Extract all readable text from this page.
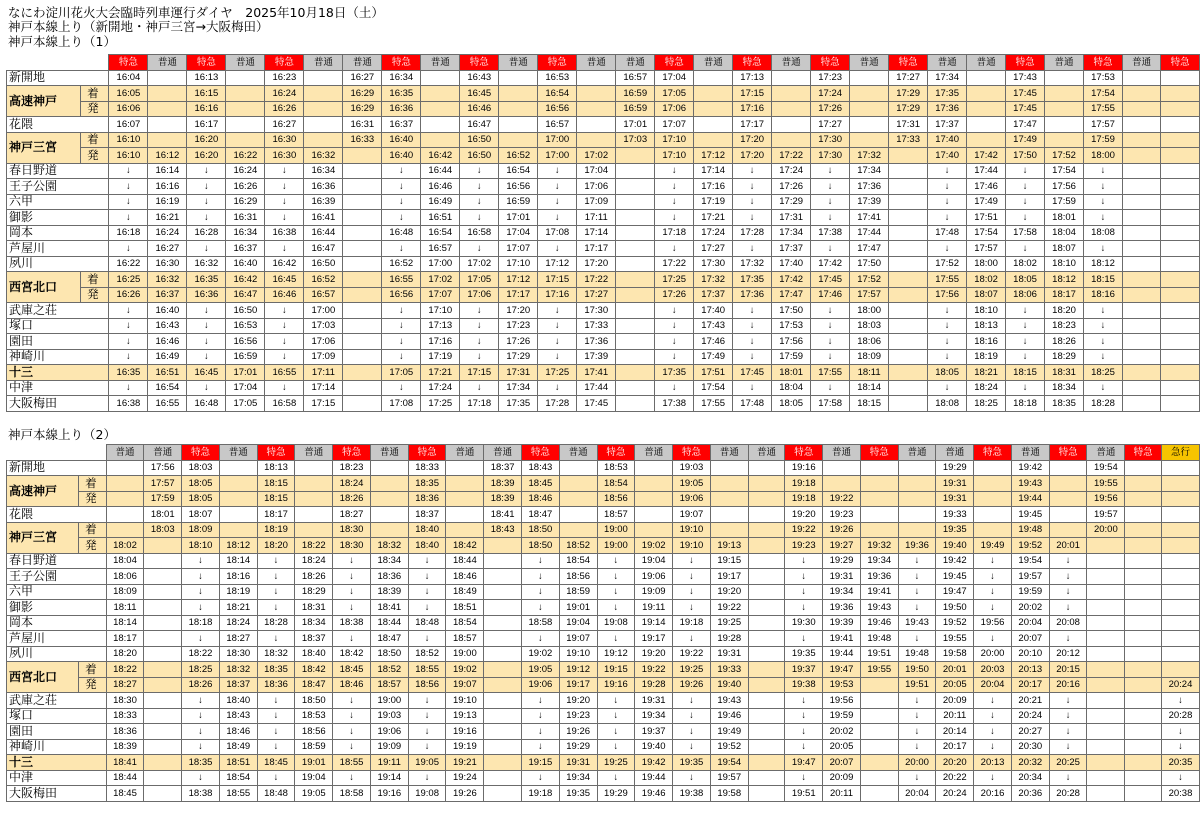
なにわ淀川花火大会臨時列車運行ダイヤ　2025年10月18日（土）
神戸本線上り（新開地・神戸三宮→大阪梅田）
神戸本線上り（1）
		特急	普通	特急	普通	特急	普通	普通	特急	普通	特急	普通	特急	普通	普通	特急	普通	特急	普通	特急	普通	特急	普通	普通	特急	普通	特急	普通	特急
新開地		16:04		16:13		16:23		16:27	16:34		16:43		16:53		16:57	17:04		17:13		17:23		17:27	17:34		17:43		17:53		
高速神戸	着	16:05		16:15		16:24		16:29	16:35		16:45		16:54		16:59	17:05		17:15		17:24		17:29	17:35		17:45		17:54		
	発	16:06		16:16		16:26		16:29	16:36		16:46		16:56		16:59	17:06		17:16		17:26		17:29	17:36		17:45		17:55		
花隈		16:07		16:17		16:27		16:31	16:37		16:47		16:57		17:01	17:07		17:17		17:27		17:31	17:37		17:47		17:57		
神戸三宮	着	16:10		16:20		16:30		16:33	16:40		16:50		17:00		17:03	17:10		17:20		17:30		17:33	17:40		17:49		17:59		
	発	16:10	16:12	16:20	16:22	16:30	16:32		16:40	16:42	16:50	16:52	17:00	17:02		17:10	17:12	17:20	17:22	17:30	17:32		17:40	17:42	17:50	17:52	18:00		
春日野道		↓	16:14	↓	16:24	↓	16:34		↓	16:44	↓	16:54	↓	17:04		↓	17:14	↓	17:24	↓	17:34		↓	17:44	↓	17:54	↓		
王子公園		↓	16:16	↓	16:26	↓	16:36		↓	16:46	↓	16:56	↓	17:06		↓	17:16	↓	17:26	↓	17:36		↓	17:46	↓	17:56	↓		
六甲		↓	16:19	↓	16:29	↓	16:39		↓	16:49	↓	16:59	↓	17:09		↓	17:19	↓	17:29	↓	17:39		↓	17:49	↓	17:59	↓		
御影		↓	16:21	↓	16:31	↓	16:41		↓	16:51	↓	17:01	↓	17:11		↓	17:21	↓	17:31	↓	17:41		↓	17:51	↓	18:01	↓		
岡本		16:18	16:24	16:28	16:34	16:38	16:44		16:48	16:54	16:58	17:04	17:08	17:14		17:18	17:24	17:28	17:34	17:38	17:44		17:48	17:54	17:58	18:04	18:08		
芦屋川		↓	16:27	↓	16:37	↓	16:47		↓	16:57	↓	17:07	↓	17:17		↓	17:27	↓	17:37	↓	17:47		↓	17:57	↓	18:07	↓		
夙川		16:22	16:30	16:32	16:40	16:42	16:50		16:52	17:00	17:02	17:10	17:12	17:20		17:22	17:30	17:32	17:40	17:42	17:50		17:52	18:00	18:02	18:10	18:12		
西宮北口	着	16:25	16:32	16:35	16:42	16:45	16:52		16:55	17:02	17:05	17:12	17:15	17:22		17:25	17:32	17:35	17:42	17:45	17:52		17:55	18:02	18:05	18:12	18:15		
	発	16:26	16:37	16:36	16:47	16:46	16:57		16:56	17:07	17:06	17:17	17:16	17:27		17:26	17:37	17:36	17:47	17:46	17:57		17:56	18:07	18:06	18:17	18:16		
武庫之荘		↓	16:40	↓	16:50	↓	17:00		↓	17:10	↓	17:20	↓	17:30		↓	17:40	↓	17:50	↓	18:00		↓	18:10	↓	18:20	↓		
塚口		↓	16:43	↓	16:53	↓	17:03		↓	17:13	↓	17:23	↓	17:33		↓	17:43	↓	17:53	↓	18:03		↓	18:13	↓	18:23	↓		
園田		↓	16:46	↓	16:56	↓	17:06		↓	17:16	↓	17:26	↓	17:36		↓	17:46	↓	17:56	↓	18:06		↓	18:16	↓	18:26	↓		
神崎川		↓	16:49	↓	16:59	↓	17:09		↓	17:19	↓	17:29	↓	17:39		↓	17:49	↓	17:59	↓	18:09		↓	18:19	↓	18:29	↓		
十三		16:35	16:51	16:45	17:01	16:55	17:11		17:05	17:21	17:15	17:31	17:25	17:41		17:35	17:51	17:45	18:01	17:55	18:11		18:05	18:21	18:15	18:31	18:25		
中津		↓	16:54	↓	17:04	↓	17:14		↓	17:24	↓	17:34	↓	17:44		↓	17:54	↓	18:04	↓	18:14		↓	18:24	↓	18:34	↓		
大阪梅田		16:38	16:55	16:48	17:05	16:58	17:15		17:08	17:25	17:18	17:35	17:28	17:45		17:38	17:55	17:48	18:05	17:58	18:15		18:08	18:25	18:18	18:35	18:28		
神戸本線上り（2）
		普通	普通	特急	普通	特急	普通	特急	普通	特急	普通	普通	特急	普通	特急	普通	特急	普通	普通	特急	普通	特急	普通	普通	特急	普通	特急	普通	特急	急行
新開地			17:56	18:03		18:13		18:23		18:33		18:37	18:43		18:53		19:03			19:16				19:29		19:42		19:54		
高速神戸	着		17:57	18:05		18:15		18:24		18:35		18:39	18:45		18:54		19:05			19:18				19:31		19:43		19:55		
	発		17:59	18:05		18:15		18:26		18:36		18:39	18:46		18:56		19:06			19:18	19:22			19:31		19:44		19:56		
花隈			18:01	18:07		18:17		18:27		18:37		18:41	18:47		18:57		19:07			19:20	19:23			19:33		19:45		19:57		
神戸三宮	着		18:03	18:09		18:19		18:30		18:40		18:43	18:50		19:00		19:10			19:22	19:26			19:35		19:48		20:00		
	発	18:02		18:10	18:12	18:20	18:22	18:30	18:32	18:40	18:42		18:50	18:52	19:00	19:02	19:10	19:13		19:23	19:27	19:32	19:36	19:40	19:49	19:52	20:01			
春日野道		18:04		↓	18:14	↓	18:24	↓	18:34	↓	18:44		↓	18:54	↓	19:04	↓	19:15		↓	19:29	19:34	↓	19:42	↓	19:54	↓			
王子公園		18:06		↓	18:16	↓	18:26	↓	18:36	↓	18:46		↓	18:56	↓	19:06	↓	19:17		↓	19:31	19:36	↓	19:45	↓	19:57	↓			
六甲		18:09		↓	18:19	↓	18:29	↓	18:39	↓	18:49		↓	18:59	↓	19:09	↓	19:20		↓	19:34	19:41	↓	19:47	↓	19:59	↓			
御影		18:11		↓	18:21	↓	18:31	↓	18:41	↓	18:51		↓	19:01	↓	19:11	↓	19:22		↓	19:36	19:43	↓	19:50	↓	20:02	↓			
岡本		18:14		18:18	18:24	18:28	18:34	18:38	18:44	18:48	18:54		18:58	19:04	19:08	19:14	19:18	19:25		19:30	19:39	19:46	19:43	19:52	19:56	20:04	20:08			
芦屋川		18:17		↓	18:27	↓	18:37	↓	18:47	↓	18:57		↓	19:07	↓	19:17	↓	19:28		↓	19:41	19:48	↓	19:55	↓	20:07	↓			
夙川		18:20		18:22	18:30	18:32	18:40	18:42	18:50	18:52	19:00		19:02	19:10	19:12	19:20	19:22	19:31		19:35	19:44	19:51	19:48	19:58	20:00	20:10	20:12			
西宮北口	着	18:22		18:25	18:32	18:35	18:42	18:45	18:52	18:55	19:02		19:05	19:12	19:15	19:22	19:25	19:33		19:37	19:47	19:55	19:50	20:01	20:03	20:13	20:15			
	発	18:27		18:26	18:37	18:36	18:47	18:46	18:57	18:56	19:07		19:06	19:17	19:16	19:28	19:26	19:40		19:38	19:53		19:51	20:05	20:04	20:17	20:16			20:24
武庫之荘		18:30		↓	18:40	↓	18:50	↓	19:00	↓	19:10		↓	19:20	↓	19:31	↓	19:43		↓	19:56		↓	20:09	↓	20:21	↓			↓
塚口		18:33		↓	18:43	↓	18:53	↓	19:03	↓	19:13		↓	19:23	↓	19:34	↓	19:46		↓	19:59		↓	20:11	↓	20:24	↓			20:28
園田		18:36		↓	18:46	↓	18:56	↓	19:06	↓	19:16		↓	19:26	↓	19:37	↓	19:49		↓	20:02		↓	20:14	↓	20:27	↓			↓
神崎川		18:39		↓	18:49	↓	18:59	↓	19:09	↓	19:19		↓	19:29	↓	19:40	↓	19:52		↓	20:05		↓	20:17	↓	20:30	↓			↓
十三		18:41		18:35	18:51	18:45	19:01	18:55	19:11	19:05	19:21		19:15	19:31	19:25	19:42	19:35	19:54		19:47	20:07		20:00	20:20	20:13	20:32	20:25			20:35
中津		18:44		↓	18:54	↓	19:04	↓	19:14	↓	19:24		↓	19:34	↓	19:44	↓	19:57		↓	20:09		↓	20:22	↓	20:34	↓			↓
大阪梅田		18:45		18:38	18:55	18:48	19:05	18:58	19:16	19:08	19:26		19:18	19:35	19:29	19:46	19:38	19:58		19:51	20:11		20:04	20:24	20:16	20:36	20:28			20:38
